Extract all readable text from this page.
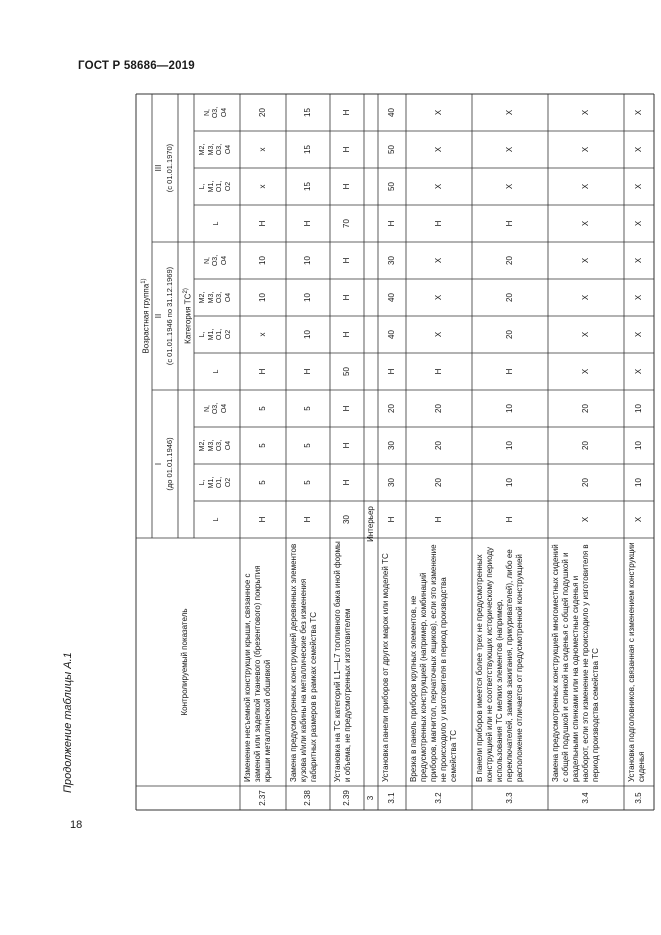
ГОСТ Р 58686—2019
18
Продолжение таблицы А.1	Контролируемый показатель
Возрастная группа$^{1)}$
I (до 01.01.1946)
II (с 01.01.1946 по 31.12.1969)
III (с 01.01.1970)
Категория ТС$^{2)}$
L
L, M1, O1, O2
M2, M3, O3, O4
N, O3, O4
L
L, M1, O1, O2
M2, M3, O3, O4
N, O3, O4
L
L, M1, O1, O2
M2, M3, O3, O4
N, O3, O4
2.37
Изменение несъемной конструкции крыши, связанное с заменой или заделкой тканевого (брезентового) покрытия крыши металлической обшивкой
Н
5
5
5
Н
х
10
10
Н
х
х
20
2.38
Замена предусмотренных конструкцией деревянных элементов кузова и/или кабины на металлические без изменения габаритных размеров в рамках семейства ТС
Н
5
5
5
Н
10
10
10
Н
15
15
15
2.39
Установка на ТС категорий L1—L7 топливного бака иной формы и объема, не предусмотренных изготовителем
30
Н
Н
Н
50
Н
Н
Н
70
Н
Н
Н
3
Интерьер
3.1
Установка панели приборов от других марок или моделей ТС
Н
30
30
20
Н
40
40
30
Н
50
50
40
3.2
Врезка в панель приборов крупных элементов, не предусмотренных конструкцией (например, комбинаций приборов, магнитол, перчаточных ящиков), если это изменение не происходило у изготовителя в период производства семейства ТС
Н
20
20
20
Н
Х
Х
Х
Н
Х
Х
Х
3.3
В панели приборов имеется более трех не предусмотренных конструкцией или не соответствующих историческому периоду использования ТС мелких элементов (например, переключателей, замков зажигания, прикуривателей), либо ее расположение отличается от предусмотренной конструкцией
Н
10
10
10
Н
20
20
20
Н
Х
Х
Х
3.4
Замена предусмотренных конструкцией многоместных сидений с общей подушкой и спинкой на сиденья с общей подушкой и раздельными спинками или на одноместные сиденья и наоборот, если это изменение не происходило у изготовителя в период производства семейства ТС
Х
20
20
20
Х
Х
Х
Х
Х
Х
Х
Х
3.5
Установка подголовников, связанная с изменением конструкции сиденья
Х
10
10
10
Х
Х
Х
Х
Х
Х
Х
Х
